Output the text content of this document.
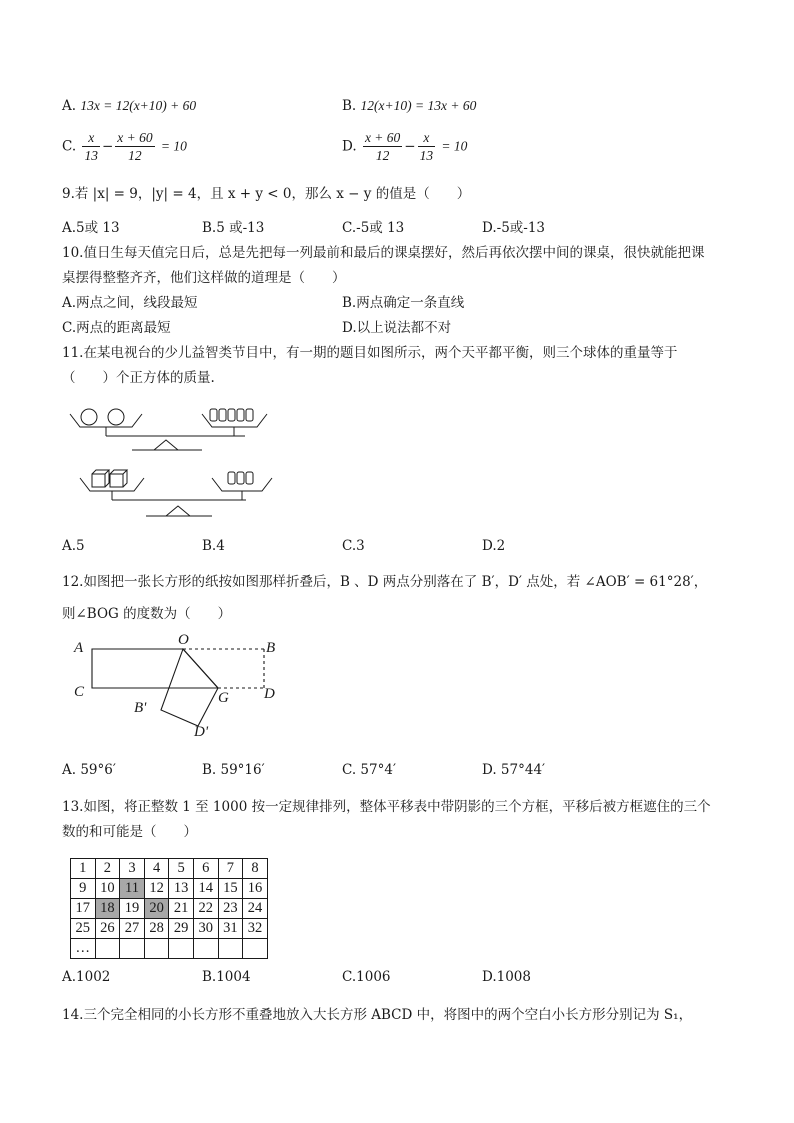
A. 13x = 12(x+10) + 60	B. 12(x+10) = 13x + 60
C. $\frac{x}{13} - \frac{x + 60}{12} = 10$	D. $\frac{x + 60}{12} - \frac{x}{13} = 10$
9.若 |x| = 9，|y| = 4，且 x + y < 0，那么 x − y 的值是（　　）
A.5或 13	B.5 或-13	C.-5或 13	D.-5或-13
10.值日生每天值完日后，总是先把每一列最前和最后的课桌摆好，然后再依次摆中间的课桌，很快就能把课
桌摆得整整齐齐，他们这样做的道理是（　　）
A.两点之间，线段最短	B.两点确定一条直线
C.两点的距离最短	D.以上说法都不对
11.在某电视台的少儿益智类节目中，有一期的题目如图所示，两个天平都平衡，则三个球体的重量等于
（　　）个正方体的质量.
A.5	B.4	C.3	D.2
12.如图把一张长方形的纸按如图那样折叠后，B 、D 两点分别落在了 B′，D′ 点处，若 ∠AOB′ = 61°28′，
则∠BOG 的度数为（　　）
A	O	B
C	G D
B'
D'
A. 59°6′	B. 59°16′	C. 57°4′	D. 57°44′
13.如图，将正整数 1 至 1000 按一定规律排列，整体平移表中带阴影的三个方框，平移后被方框遮住的三个
数的和可能是（　　）
1	2	3	4	5	6	7	8
9	10	11	12	13	14	15	16
17	18	19	20	21	22	23	24
25	26	27	28	29	30	31	32
…							
A.1002	B.1004	C.1006	D.1008
14.三个完全相同的小长方形不重叠地放入大长方形 ABCD 中，将图中的两个空白小长方形分别记为 S₁，
